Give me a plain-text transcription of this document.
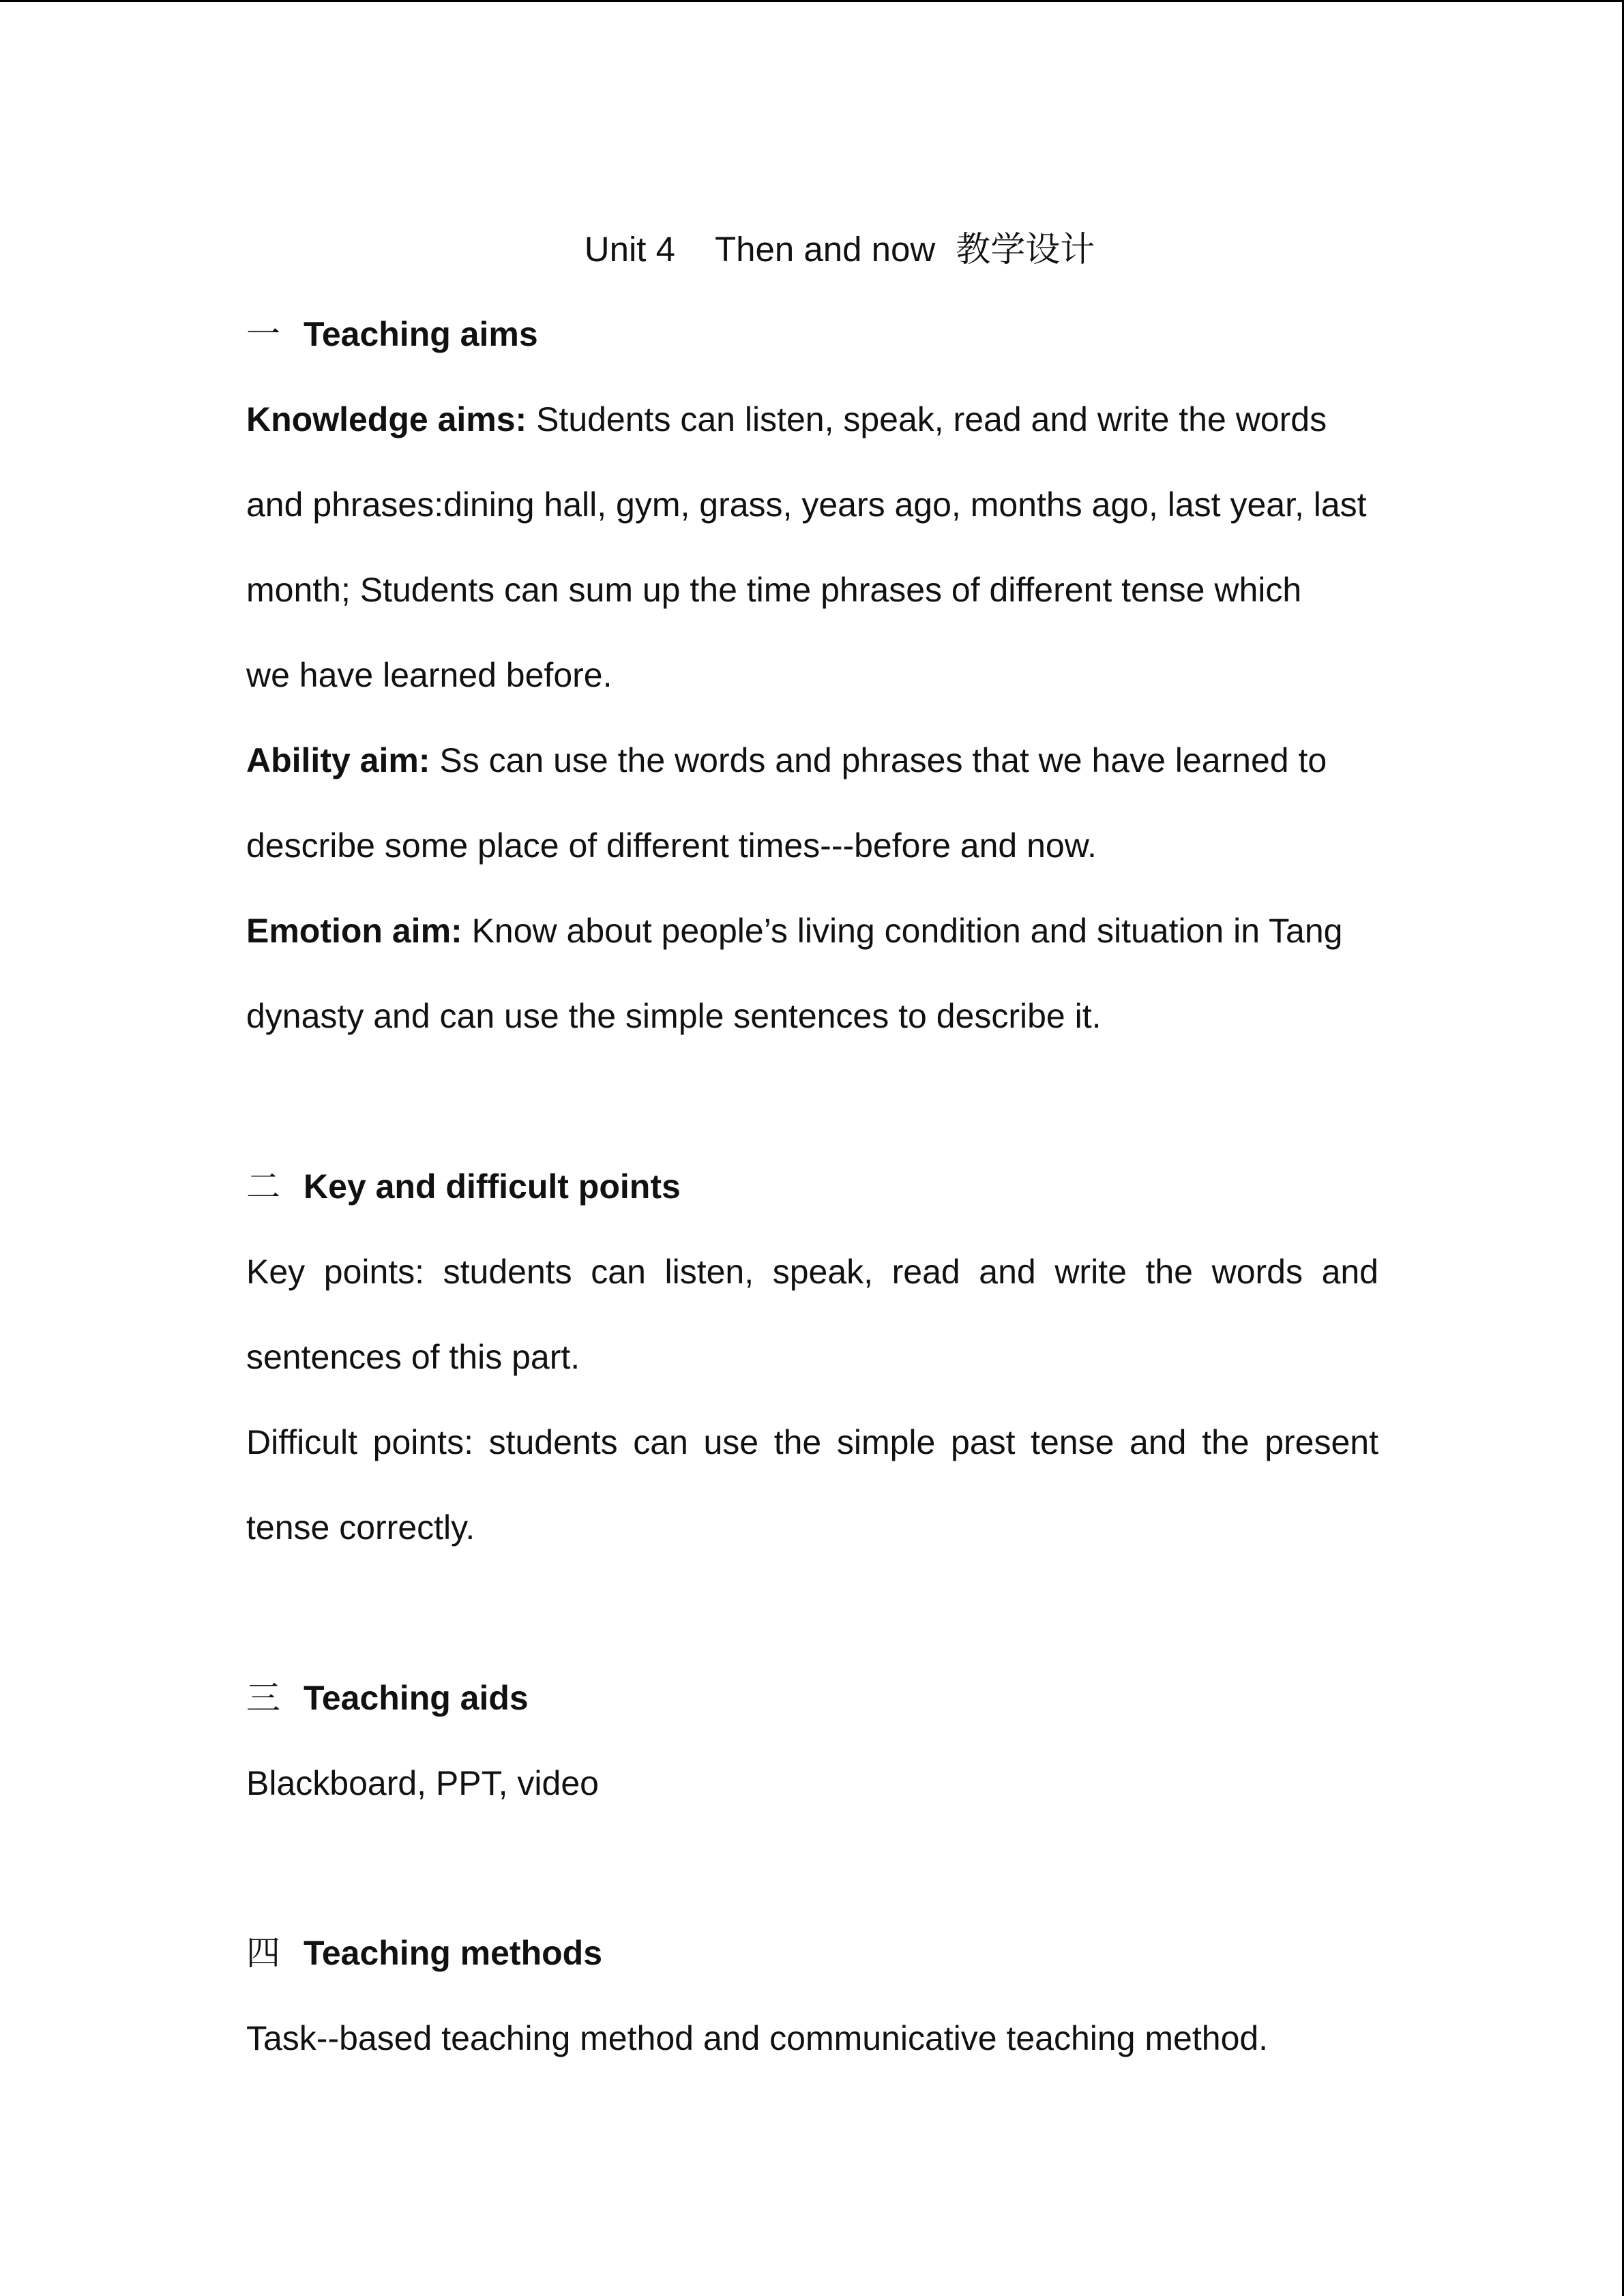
Unit 4 Then and now 教学设计

一 Teaching aims

Knowledge aims: Students can listen, speak, read and write the words

and phrases:dining hall, gym, grass, years ago, months ago, last year, last

month; Students can sum up the time phrases of different tense which

we have learned before.

Ability aim: Ss can use the words and phrases that we have learned to

describe some place of different times---before and now.

Emotion aim: Know about people’s living condition and situation in Tang

dynasty and can use the simple sentences to describe it.

二 Key and difficult points

Key points: students can listen, speak, read and write the words and

sentences of this part.

Difficult points: students can use the simple past tense and the present

tense correctly.

三 Teaching aids

Blackboard, PPT, video

四 Teaching methods

Task--based teaching method and communicative teaching method.
